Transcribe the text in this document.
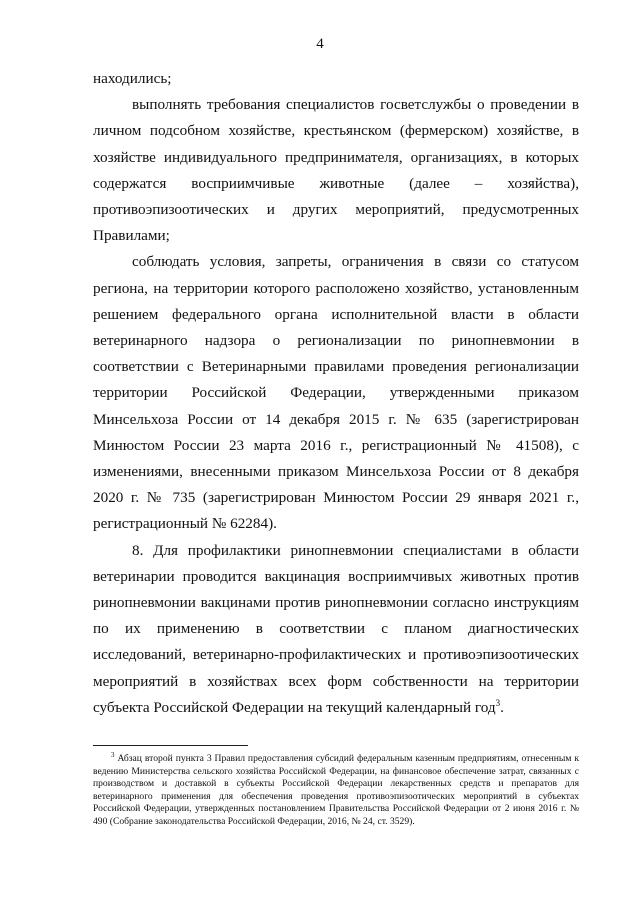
4

находились;

выполнять требования специалистов госветслужбы о проведении в личном подсобном хозяйстве, крестьянском (фермерском) хозяйстве, в хозяйстве индивидуального предпринимателя, организациях, в которых содержатся восприимчивые животные (далее – хозяйства), противоэпизоотических и других мероприятий, предусмотренных Правилами;

соблюдать условия, запреты, ограничения в связи со статусом региона, на территории которого расположено хозяйство, установленным решением федерального органа исполнительной власти в области ветеринарного надзора о регионализации по ринопневмонии в соответствии с Ветеринарными правилами проведения регионализации территории Российской Федерации, утвержденными приказом Минсельхоза России от 14 декабря 2015 г. № 635 (зарегистрирован Минюстом России 23 марта 2016 г., регистрационный № 41508), с изменениями, внесенными приказом Минсельхоза России от 8 декабря 2020 г. № 735 (зарегистрирован Минюстом России 29 января 2021 г., регистрационный № 62284).

8. Для профилактики ринопневмонии специалистами в области ветеринарии проводится вакцинация восприимчивых животных против ринопневмонии вакцинами против ринопневмонии согласно инструкциям по их применению в соответствии с планом диагностических исследований, ветеринарно-профилактических и противоэпизоотических мероприятий в хозяйствах всех форм собственности на территории субъекта Российской Федерации на текущий календарный год$^3$.

$^3$ Абзац второй пункта 3 Правил предоставления субсидий федеральным казенным предприятиям, отнесенным к ведению Министерства сельского хозяйства Российской Федерации, на финансовое обеспечение затрат, связанных с производством и доставкой в субъекты Российской Федерации лекарственных средств и препаратов для ветеринарного применения для обеспечения проведения противоэпизоотических мероприятий в субъектах Российской Федерации, утвержденных постановлением Правительства Российской Федерации от 2 июня 2016 г. № 490 (Собрание законодательства Российской Федерации, 2016, № 24, ст. 3529).
